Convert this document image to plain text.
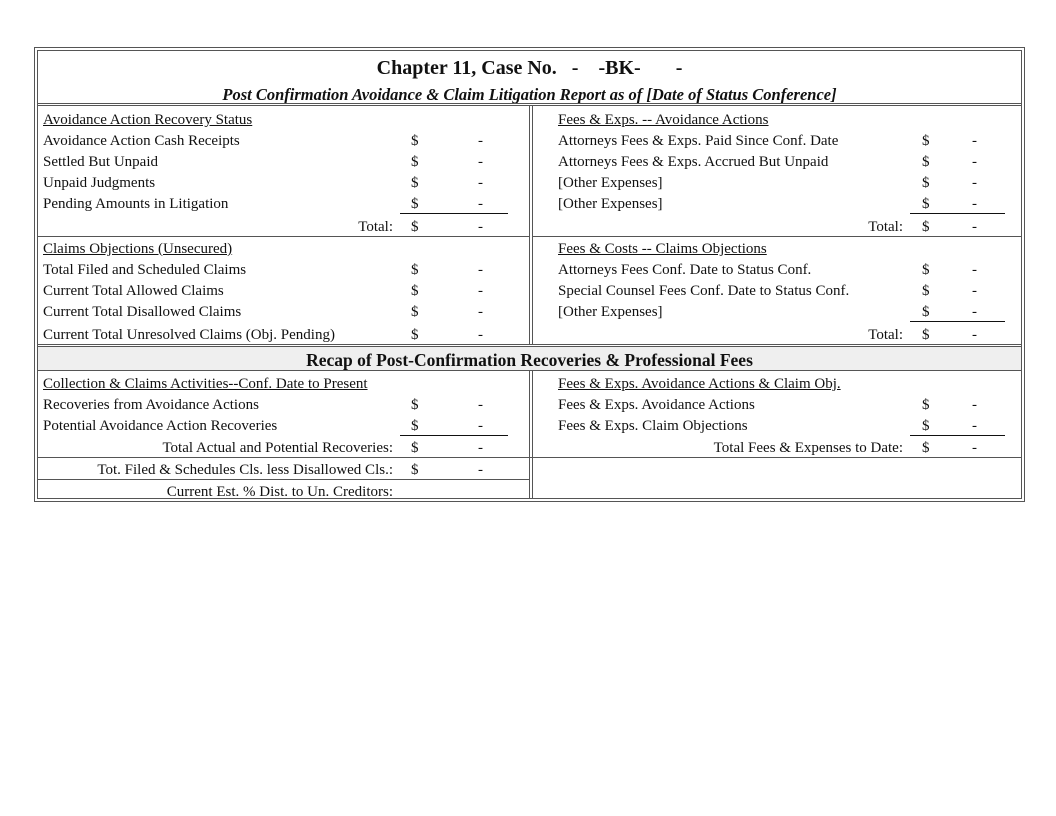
Chapter 11, Case No.   -    -BK-       -
Post Confirmation Avoidance & Claim Litigation Report as of [Date of Status Conference]
Avoidance Action Recovery Status
Avoidance Action Cash Receipts	$	-
Settled But Unpaid	$	-
Unpaid Judgments	$	-
Pending Amounts in Litigation	$	-
Total: $	-
Fees & Exps. -- Avoidance Actions
Attorneys Fees & Exps. Paid Since Conf. Date	$	-
Attorneys Fees & Exps. Accrued But Unpaid	$	-
[Other Expenses]	$	-
[Other Expenses]	$	-
Total: $	-
Claims Objections (Unsecured)
Total Filed and Scheduled Claims	$	-
Current Total Allowed Claims	$	-
Current Total Disallowed Claims	$	-
Current Total Unresolved Claims (Obj. Pending)	$	-
Fees & Costs -- Claims Objections
Attorneys Fees Conf. Date to Status Conf.	$	-
Special Counsel Fees Conf. Date to Status Conf.	$	-
[Other Expenses]	$	-
Total: $	-
Recap of Post-Confirmation Recoveries & Professional Fees
Collection & Claims Activities--Conf. Date to Present
Recoveries from Avoidance Actions	$	-
Potential Avoidance Action Recoveries	$	-
Total Actual and Potential Recoveries: $	-
Fees & Exps. Avoidance Actions & Claim Obj.
Fees & Exps. Avoidance Actions	$	-
Fees & Exps. Claim Objections	$	-
Total Fees & Expenses to Date: $	-
Tot. Filed & Schedules Cls. less Disallowed Cls.: $	-
Current Est. % Dist. to Un. Creditors:
